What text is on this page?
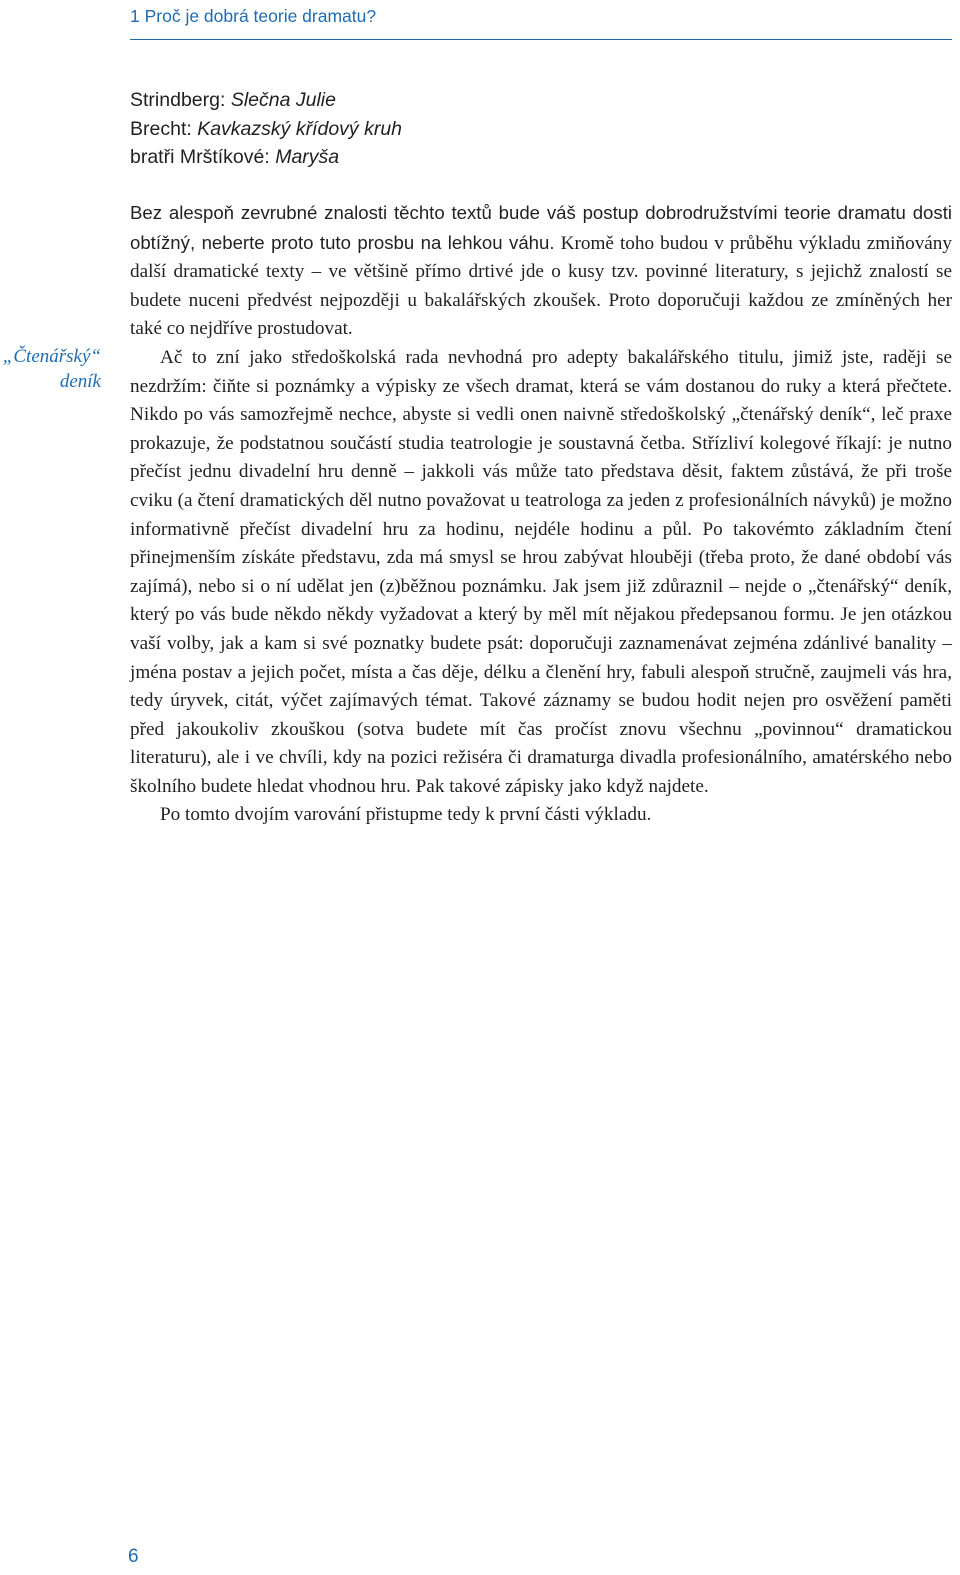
1 Proč je dobrá teorie dramatu?
Strindberg: Slečna Julie
Brecht: Kavkazský křídový kruh
bratři Mrštíkové: Maryša
„Čtenářský“
deník

Bez alespoň zevrubné znalosti těchto textů bude váš postup dobrodružstvími teorie dramatu dosti obtížný, neberte proto tuto prosbu na lehkou váhu. Kromě toho budou v průběhu výkladu zmiňovány další dramatické texty – ve většině přímo drtivé jde o kusy tzv. povinné literatury, s jejichž znalostí se budete nuceni předvést nejpozději u bakalářských zkoušek. Proto doporučuji každou ze zmíněných her také co nejdříve prostudovat.

Ač to zní jako středoškolská rada nevhodná pro adepty bakalářského titulu, jimiž jste, raději se nezdržím: čiňte si poznámky a výpisky ze všech dramat, která se vám dostanou do ruky a která přečtete. Nikdo po vás samozřejmě nechce, abyste si vedli onen naivně středoškolský „čtenářský deník“, leč praxe prokazuje, že podstatnou součástí studia teatrologie je soustavná četba. Střízliví kolegové říkají: je nutno přečíst jednu divadelní hru denně – jakkoli vás může tato představa děsit, faktem zůstává, že při troše cviku (a čtení dramatických děl nutno považovat u teatrologa za jeden z profesionálních návyků) je možno informativně přečíst divadelní hru za hodinu, nejdéle hodinu a půl. Po takovémto základním čtení přinejmenším získáte představu, zda má smysl se hrou zabývat hlouběji (třeba proto, že dané období vás zajímá), nebo si o ní udělat jen (z)běžnou poznámku. Jak jsem již zdůraznil – nejde o „čtenářský“ deník, který po vás bude někdo někdy vyžadovat a který by měl mít nějakou předepsanou formu. Je jen otázkou vaší volby, jak a kam si své poznatky budete psát: doporučuji zaznamenávat zejména zdánlivé banality – jména postav a jejich počet, místa a čas děje, délku a členění hry, fabuli alespoň stručně, zaujmeli vás hra, tedy úryvek, citát, výčet zajímavých témat. Takové záznamy se budou hodit nejen pro osvěžení paměti před jakoukoliv zkouškou (sotva budete mít čas pročíst znovu všechnu „povinnou“ dramatickou literaturu), ale i ve chvíli, kdy na pozici režiséra či dramaturga divadla profesionálního, amatérského nebo školního budete hledat vhodnou hru. Pak takové zápisky jako když najdete.

Po tomto dvojím varování přistupme tedy k první části výkladu.

6
